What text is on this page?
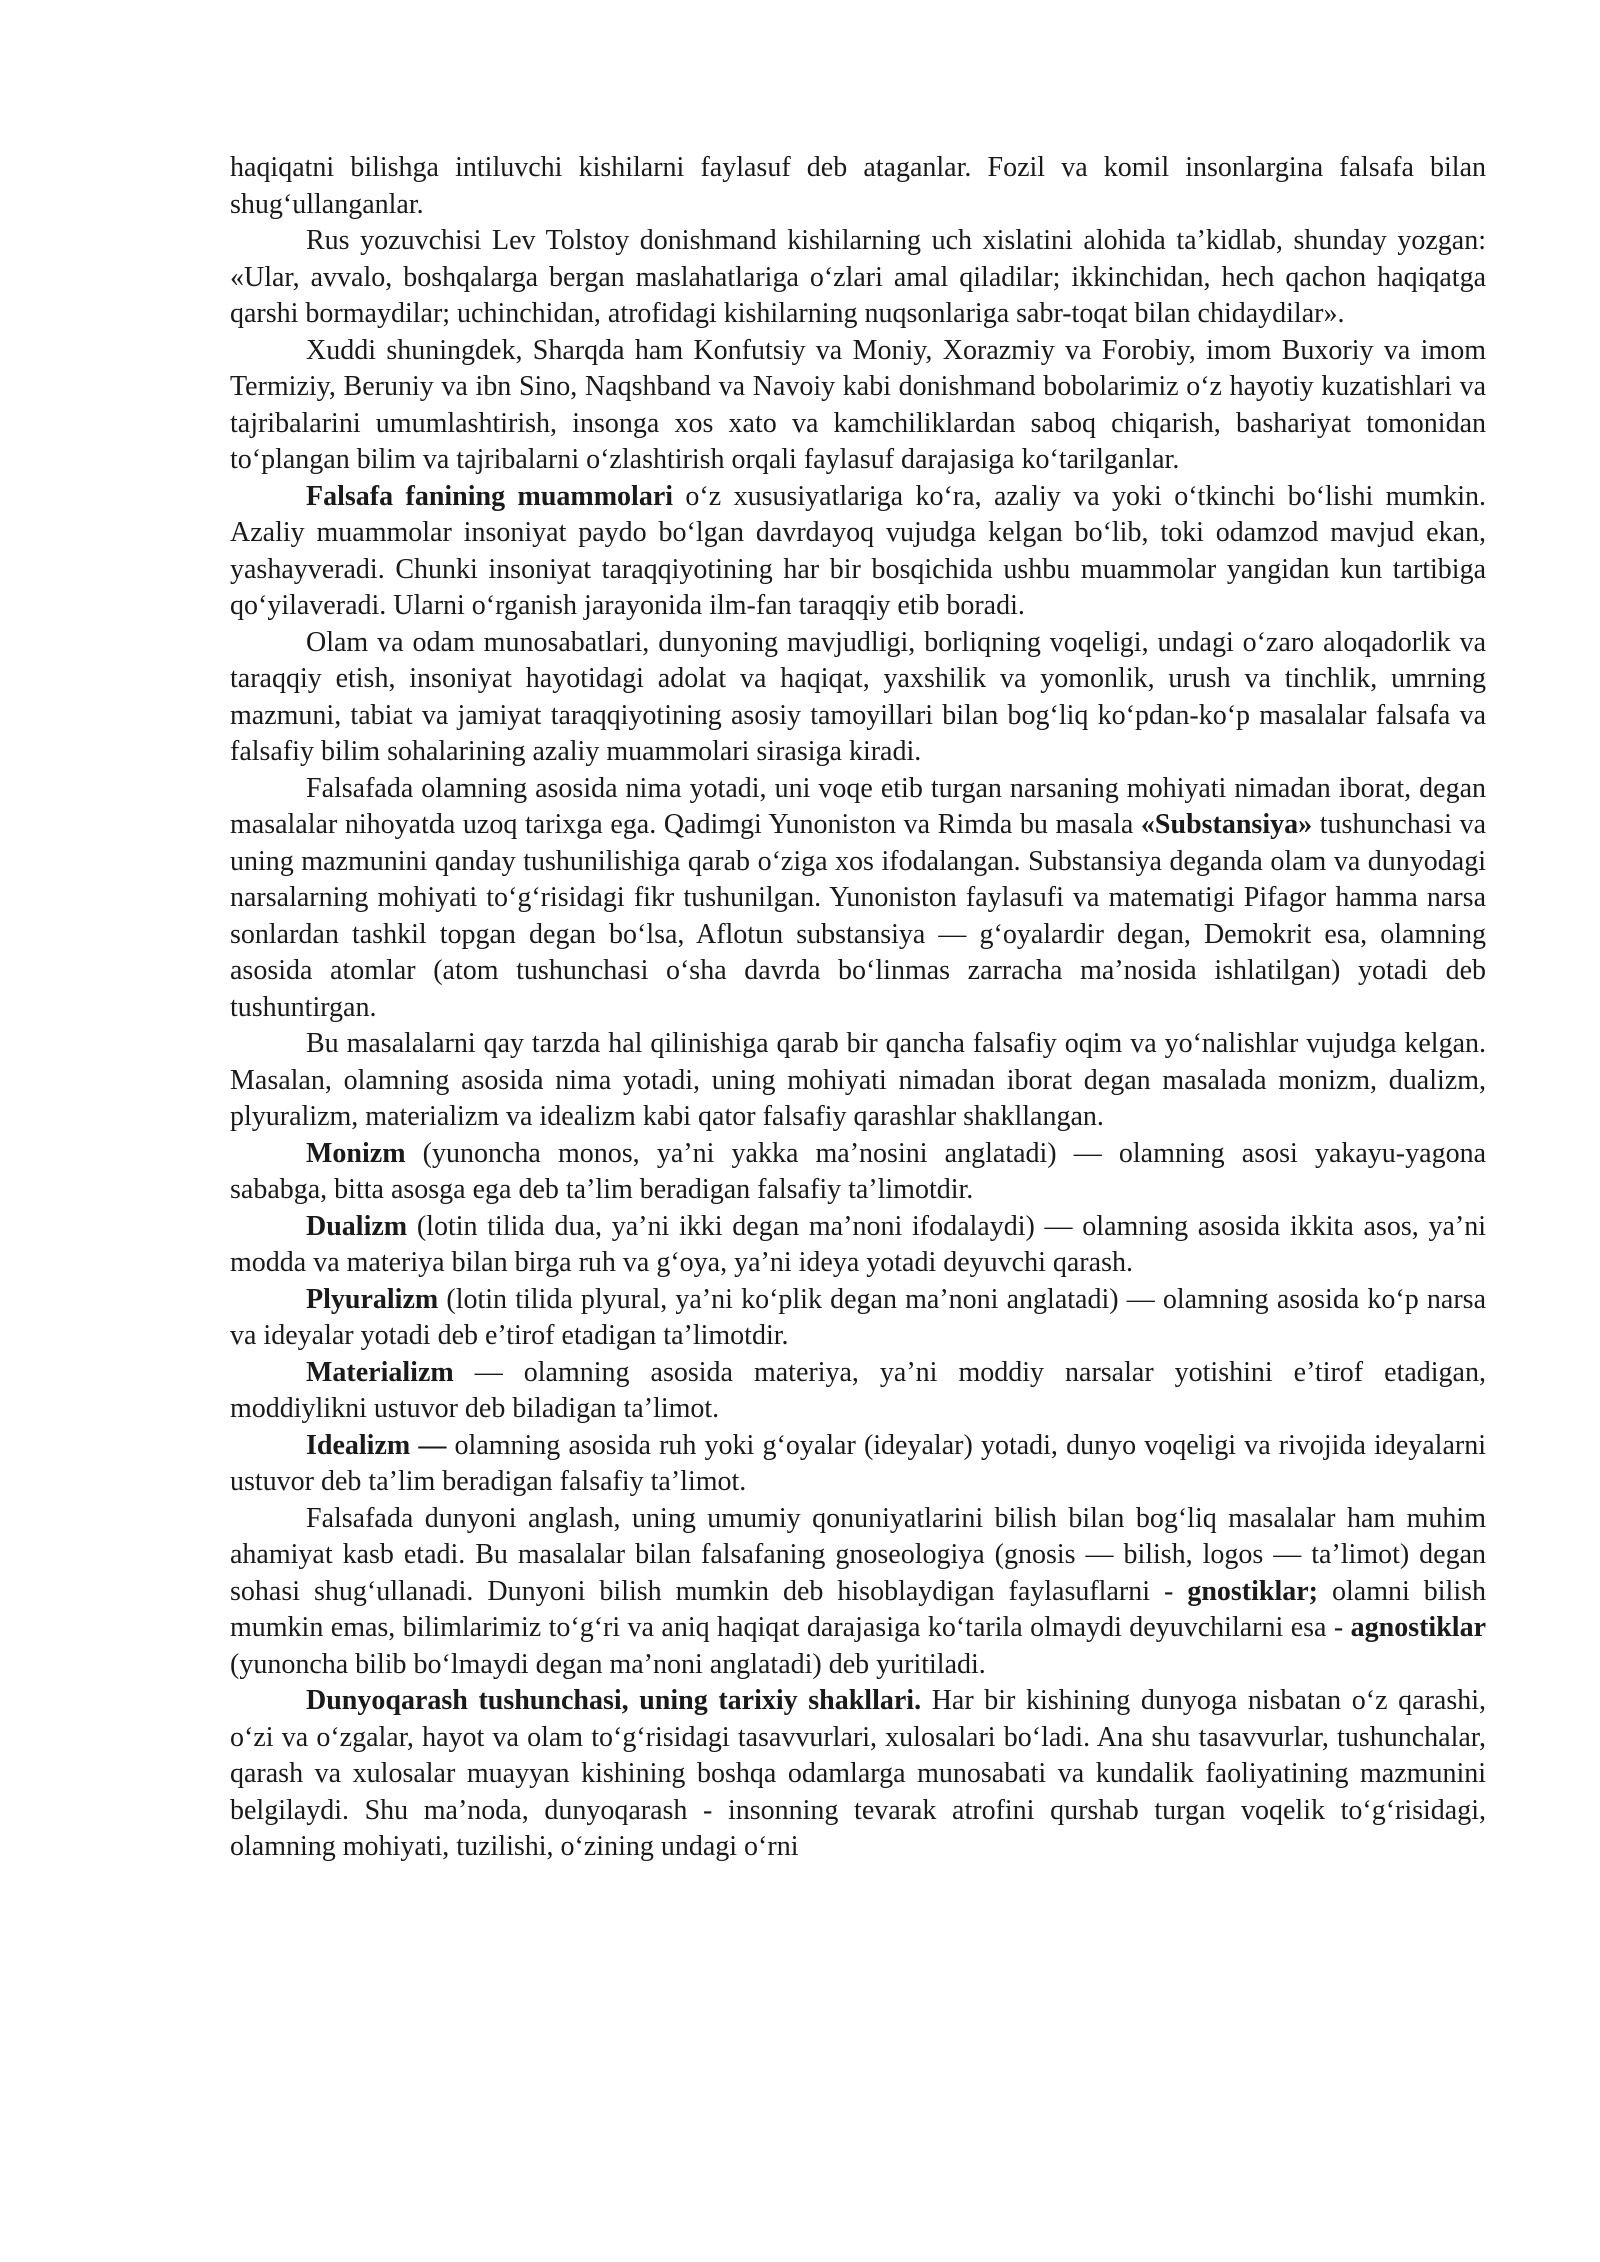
haqiqatni bilishga intiluvchi kishilarni faylasuf deb ataganlar. Fozil va komil insonlargina falsafa bilan shug‘ullanganlar.

Rus yozuvchisi Lev Tolstoy donishmand kishilarning uch xislatini alohida ta’kidlab, shunday yozgan: «Ular, avvalo, boshqalarga bergan maslahatlariga o‘zlari amal qiladilar; ikkinchidan, hech qachon haqiqatga qarshi bormaydilar; uchinchidan, atrofidagi kishilarning nuqsonlariga sabr-toqat bilan chidaydilar».

Xuddi shuningdek, Sharqda ham Konfutsiy va Moniy, Xorazmiy va Forobiy, imom Buxoriy va imom Termiziy, Beruniy va ibn Sino, Naqshband va Navoiy kabi donishmand bobolarimiz o‘z hayotiy kuzatishlari va tajribalarini umumlashtirish, insonga xos xato va kamchiliklardan saboq chiqarish, bashariyat tomonidan to‘plangan bilim va tajribalarni o‘zlashtirish orqali faylasuf darajasiga ko‘tarilganlar.

Falsafa fanining muammolari o‘z xususiyatlariga ko‘ra, azaliy va yoki o‘tkinchi bo‘lishi mumkin. Azaliy muammolar insoniyat paydo bo‘lgan davrdayoq vujudga kelgan bo‘lib, toki odamzod mavjud ekan, yashayveradi. Chunki insoniyat taraqqiyotining har bir bosqichida ushbu muammolar yangidan kun tartibiga qo‘yilaveradi. Ularni o‘rganish jarayonida ilm-fan taraqqiy etib boradi.

Olam va odam munosabatlari, dunyoning mavjudligi, borliqning voqeligi, undagi o‘zaro aloqadorlik va taraqqiy etish, insoniyat hayotidagi adolat va haqiqat, yaxshilik va yomonlik, urush va tinchlik, umrning mazmuni, tabiat va jamiyat taraqqiyotining asosiy tamoyillari bilan bog‘liq ko‘pdan-ko‘p masalalar falsafa va falsafiy bilim sohalarining azaliy muammolari sirasiga kiradi.

Falsafada olamning asosida nima yotadi, uni voqe etib turgan narsaning mohiyati nimadan iborat, degan masalalar nihoyatda uzoq tarixga ega. Qadimgi Yunoniston va Rimda bu masala «Substansiya» tushunchasi va uning mazmunini qanday tushunilishiga qarab o‘ziga xos ifodalangan. Substansiya deganda olam va dunyodagi narsalarning mohiyati to‘g‘risidagi fikr tushunilgan. Yunoniston faylasufi va matematigi Pifagor hamma narsa sonlardan tashkil topgan degan bo‘lsa, Aflotun substansiya — g‘oyalardir degan, Demokrit esa, olamning asosida atomlar (atom tushunchasi o‘sha davrda bo‘linmas zarracha ma’nosida ishlatilgan) yotadi deb tushuntirgan.

Bu masalalarni qay tarzda hal qilinishiga qarab bir qancha falsafiy oqim va yo‘nalishlar vujudga kelgan. Masalan, olamning asosida nima yotadi, uning mohiyati nimadan iborat degan masalada monizm, dualizm, plyuralizm, materializm va idealizm kabi qator falsafiy qarashlar shakllangan.

Monizm (yunoncha monos, ya’ni yakka ma’nosini anglatadi) — olamning asosi yakayu-yagona sababga, bitta asosga ega deb ta’lim beradigan falsafiy ta’limotdir.

Dualizm (lotin tilida dua, ya’ni ikki degan ma’noni ifodalaydi) — olamning asosida ikkita asos, ya’ni modda va materiya bilan birga ruh va g‘oya, ya’ni ideya yotadi deyuvchi qarash.

Plyuralizm (lotin tilida plyural, ya’ni ko‘plik degan ma’noni anglatadi) — olamning asosida ko‘p narsa va ideyalar yotadi deb e’tirof etadigan ta’limotdir.

Materializm — olamning asosida materiya, ya’ni moddiy narsalar yotishini e’tirof etadigan, moddiylikni ustuvor deb biladigan ta’limot.

Idealizm — olamning asosida ruh yoki g‘oyalar (ideyalar) yotadi, dunyo voqeligi va rivojida ideyalarni ustuvor deb ta’lim beradigan falsafiy ta’limot.

Falsafada dunyoni anglash, uning umumiy qonuniyatlarini bilish bilan bog‘liq masalalar ham muhim ahamiyat kasb etadi. Bu masalalar bilan falsafaning gnoseologiya (gnosis — bilish, logos — ta’limot) degan sohasi shug‘ullanadi. Dunyoni bilish mumkin deb hisoblaydigan faylasuflarni - gnostiklar; olamni bilish mumkin emas, bilimlarimiz to‘g‘ri va aniq haqiqat darajasiga ko‘tarila olmaydi deyuvchilarni esa - agnostiklar (yunoncha bilib bo‘lmaydi degan ma’noni anglatadi) deb yuritiladi.

Dunyoqarash tushunchasi, uning tarixiy shakllari. Har bir kishining dunyoga nisbatan o‘z qarashi, o‘zi va o‘zgalar, hayot va olam to‘g‘risidagi tasavvurlari, xulosalari bo‘ladi. Ana shu tasavvurlar, tushunchalar, qarash va xulosalar muayyan kishining boshqa odamlarga munosabati va kundalik faoliyatining mazmunini belgilaydi. Shu ma’noda, dunyoqarash - insonning tevarak atrofini qurshab turgan voqelik to‘g‘risidagi, olamning mohiyati, tuzilishi, o‘zining undagi o‘rni
